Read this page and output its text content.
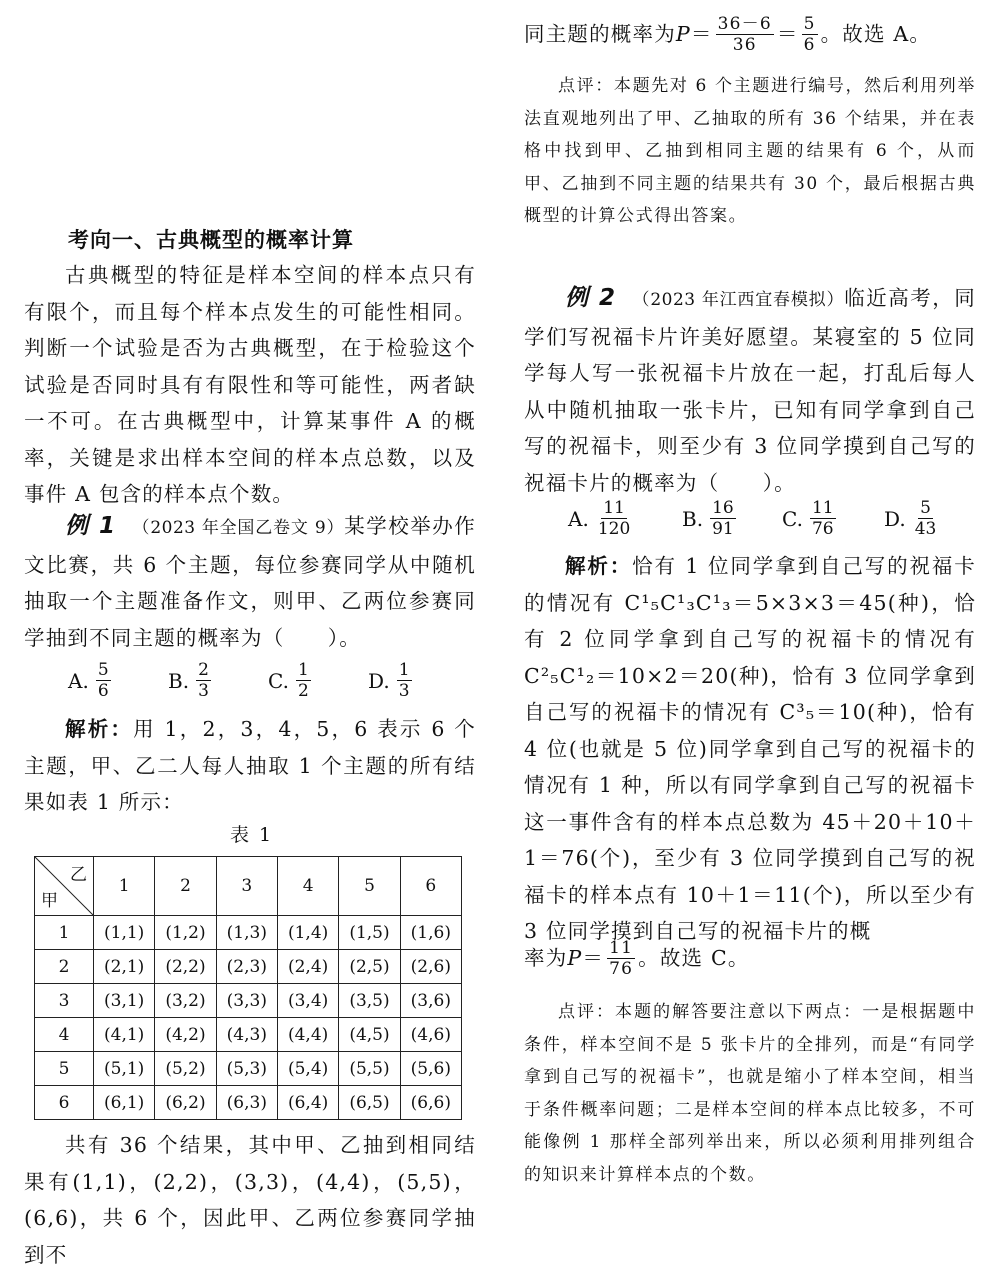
考向一、古典概型的概率计算

古典概型的特征是样本空间的样本点只有有限个，而且每个样本点发生的可能性相同。判断一个试验是否为古典概型，在于检验这个试验是否同时具有有限性和等可能性，两者缺一不可。在古典概型中，计算某事件 A 的概率，关键是求出样本空间的样本点总数，以及事件 A 包含的样本点个数。

例 1 （2023 年全国乙卷文 9）某学校举办作文比赛，共 6 个主题，每位参赛同学从中随机抽取一个主题准备作文，则甲、乙两位参赛同学抽到不同主题的概率为（　　）。

A. $\frac{5}{6}$	B. $\frac{2}{3}$	C. $\frac{1}{2}$	D. $\frac{1}{3}$

解析：用 1，2，3，4，5，6 表示 6 个主题，甲、乙二人每人抽取 1 个主题的所有结果如表 1 所示：

表 1
乙
甲	1	2	3	4	5	6
1	(1,1)	(1,2)	(1,3)	(1,4)	(1,5)	(1,6)
2	(2,1)	(2,2)	(2,3)	(2,4)	(2,5)	(2,6)
3	(3,1)	(3,2)	(3,3)	(3,4)	(3,5)	(3,6)
4	(4,1)	(4,2)	(4,3)	(4,4)	(4,5)	(4,6)
5	(5,1)	(5,2)	(5,3)	(5,4)	(5,5)	(5,6)
6	(6,1)	(6,2)	(6,3)	(6,4)	(6,5)	(6,6)

共有 36 个结果，其中甲、乙抽到相同结果有(1,1)，(2,2)，(3,3)，(4,4)，(5,5)，(6,6)，共 6 个，因此甲、乙两位参赛同学抽到不

同主题的概率为 $P = \frac{36-6}{36} = \frac{5}{6}$ 。故选 A。

点评：本题先对 6 个主题进行编号，然后利用列举法直观地列出了甲、乙抽取的所有 36 个结果，并在表格中找到甲、乙抽到相同主题的结果有 6 个，从而甲、乙抽到不同主题的结果共有 30 个，最后根据古典概型的计算公式得出答案。

例 2 （2023 年江西宜春模拟）临近高考，同学们写祝福卡片许美好愿望。某寝室的 5 位同学每人写一张祝福卡片放在一起，打乱后每人从中随机抽取一张卡片，已知有同学拿到自己写的祝福卡，则至少有 3 位同学摸到自己写的祝福卡片的概率为（　　）。

A. $\frac{11}{120} B$. $\frac{16}{91} C$. $\frac{11}{76} D$. $\frac{5}{43}$

解析：恰有 1 位同学拿到自己写的祝福卡的情况有 C¹₅C¹₃C¹₃＝5×3×3＝45(种)，恰有 2 位同学拿到自己写的祝福卡的情况有 C²₅C¹₂＝10×2＝20(种)，恰有 3 位同学拿到自己写的祝福卡的情况有 C³₅＝10(种)，恰有 4 位(也就是 5 位)同学拿到自己写的祝福卡的情况有 1 种，所以有同学拿到自己写的祝福卡这一事件含有的样本点总数为 45＋20＋10＋1＝76(个)，至少有 3 位同学摸到自己写的祝福卡的样本点有 10＋1＝11(个)，所以至少有 3 位同学摸到自己写的祝福卡片的概

率为 $P = \frac{11}{76}$ 。故选 C。

点评：本题的解答要注意以下两点：一是根据题中条件，样本空间不是 5 张卡片的全排列，而是“有同学拿到自己写的祝福卡”，也就是缩小了样本空间，相当于条件概率问题；二是样本空间的样本点比较多，不可能像例 1 那样全部列举出来，所以必须利用排列组合的知识来计算样本点的个数。
